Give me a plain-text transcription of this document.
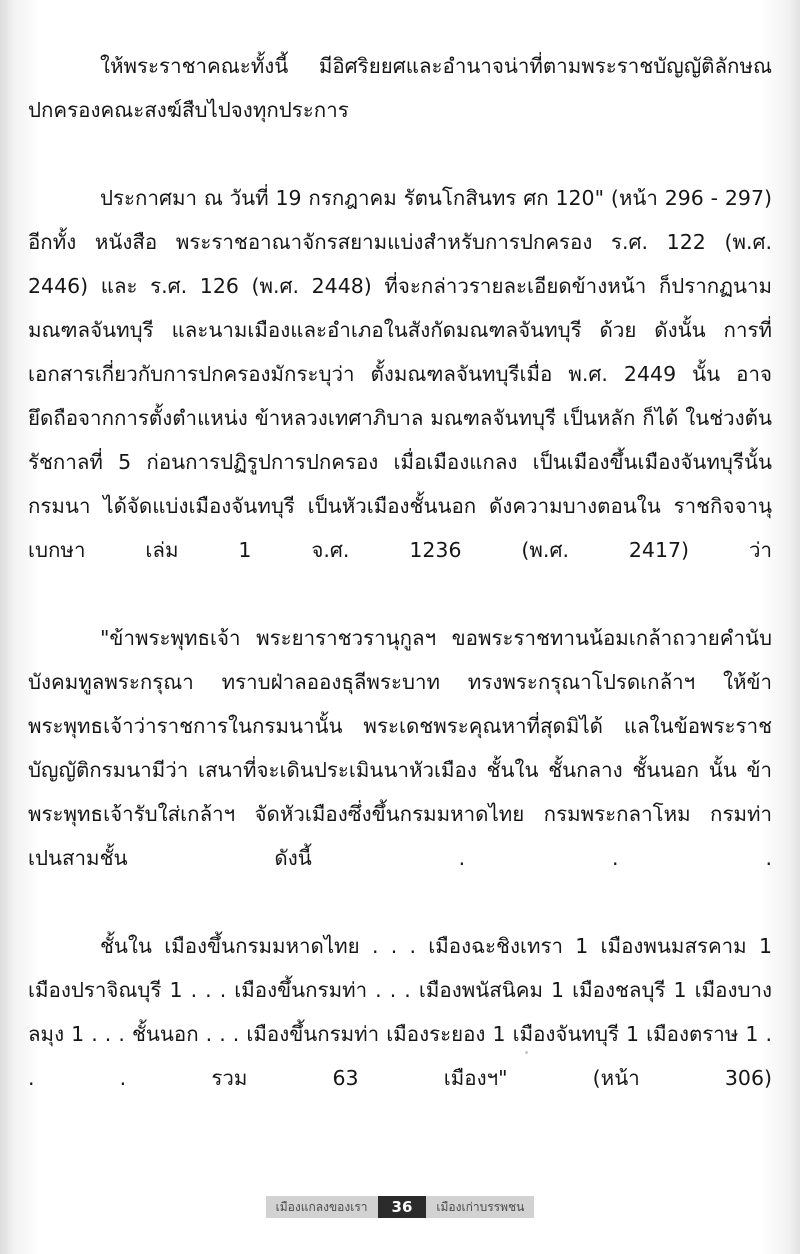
ให้พระราชาคณะทั้งนี้ มีอิศริยยศและอำนาจน่าที่ตามพระราชบัญญัติลักษณปกครองคณะสงฆ์สืบไปจงทุกประการ

ประกาศมา ณ วันที่ 19 กรกฎาคม รัตนโกสินทร ศก 120" (หน้า 296 - 297) อีกทั้ง หนังสือ พระราชอาณาจักรสยามแบ่งสำหรับการปกครอง ร.ศ. 122 (พ.ศ. 2446) และ ร.ศ. 126 (พ.ศ. 2448) ที่จะกล่าวรายละเอียดข้างหน้า ก็ปรากฏนาม มณฑลจันทบุรี และนามเมืองและอำเภอในสังกัดมณฑลจันทบุรี ด้วย ดังนั้น การที่เอกสารเกี่ยวกับการปกครองมักระบุว่า ตั้งมณฑลจันทบุรีเมื่อ พ.ศ. 2449 นั้น อาจยึดถือจากการตั้งตำแหน่ง ข้าหลวงเทศาภิบาล มณฑลจันทบุรี เป็นหลัก ก็ได้ ในช่วงต้นรัชกาลที่ 5 ก่อนการปฏิรูปการปกครอง เมื่อเมืองแกลง เป็นเมืองขึ้นเมืองจันทบุรีนั้น กรมนา ได้จัดแบ่งเมืองจันทบุรี เป็นหัวเมืองชั้นนอก ดังความบางตอนใน ราชกิจจานุเบกษา เล่ม 1 จ.ศ. 1236 (พ.ศ. 2417) ว่า

"ข้าพระพุทธเจ้า พระยาราชวรานุกูลฯ ขอพระราชทานน้อมเกล้าถวายคำนับบังคมทูลพระกรุณา ทราบฝ่าลอองธุลีพระบาท ทรงพระกรุณาโปรดเกล้าฯ ให้ข้าพระพุทธเจ้าว่าราชการในกรมนานั้น พระเดชพระคุณหาที่สุดมิได้ แลในข้อพระราชบัญญัติกรมนามีว่า เสนาที่จะเดินประเมินนาหัวเมือง ชั้นใน ชั้นกลาง ชั้นนอก นั้น ข้าพระพุทธเจ้ารับใส่เกล้าฯ จัดหัวเมืองซึ่งขึ้นกรมมหาดไทย กรมพระกลาโหม กรมท่า เปนสามชั้น ดังนี้ . . .

ชั้นใน เมืองขึ้นกรมมหาดไทย . . . เมืองฉะชิงเทรา 1 เมืองพนมสรคาม 1 เมืองปราจิณบุรี 1 . . . เมืองขึ้นกรมท่า . . . เมืองพนัสนิคม 1 เมืองชลบุรี 1 เมืองบางลมุง 1 . . . ชั้นนอก . . . เมืองขึ้นกรมท่า เมืองระยอง 1 เมืองจันทบุรี 1 เมืองตราษ 1 . . . รวม 63 เมืองฯ" (หน้า 306)

เมืองแกลงของเรา	36	เมืองเก่าบรรพชน
